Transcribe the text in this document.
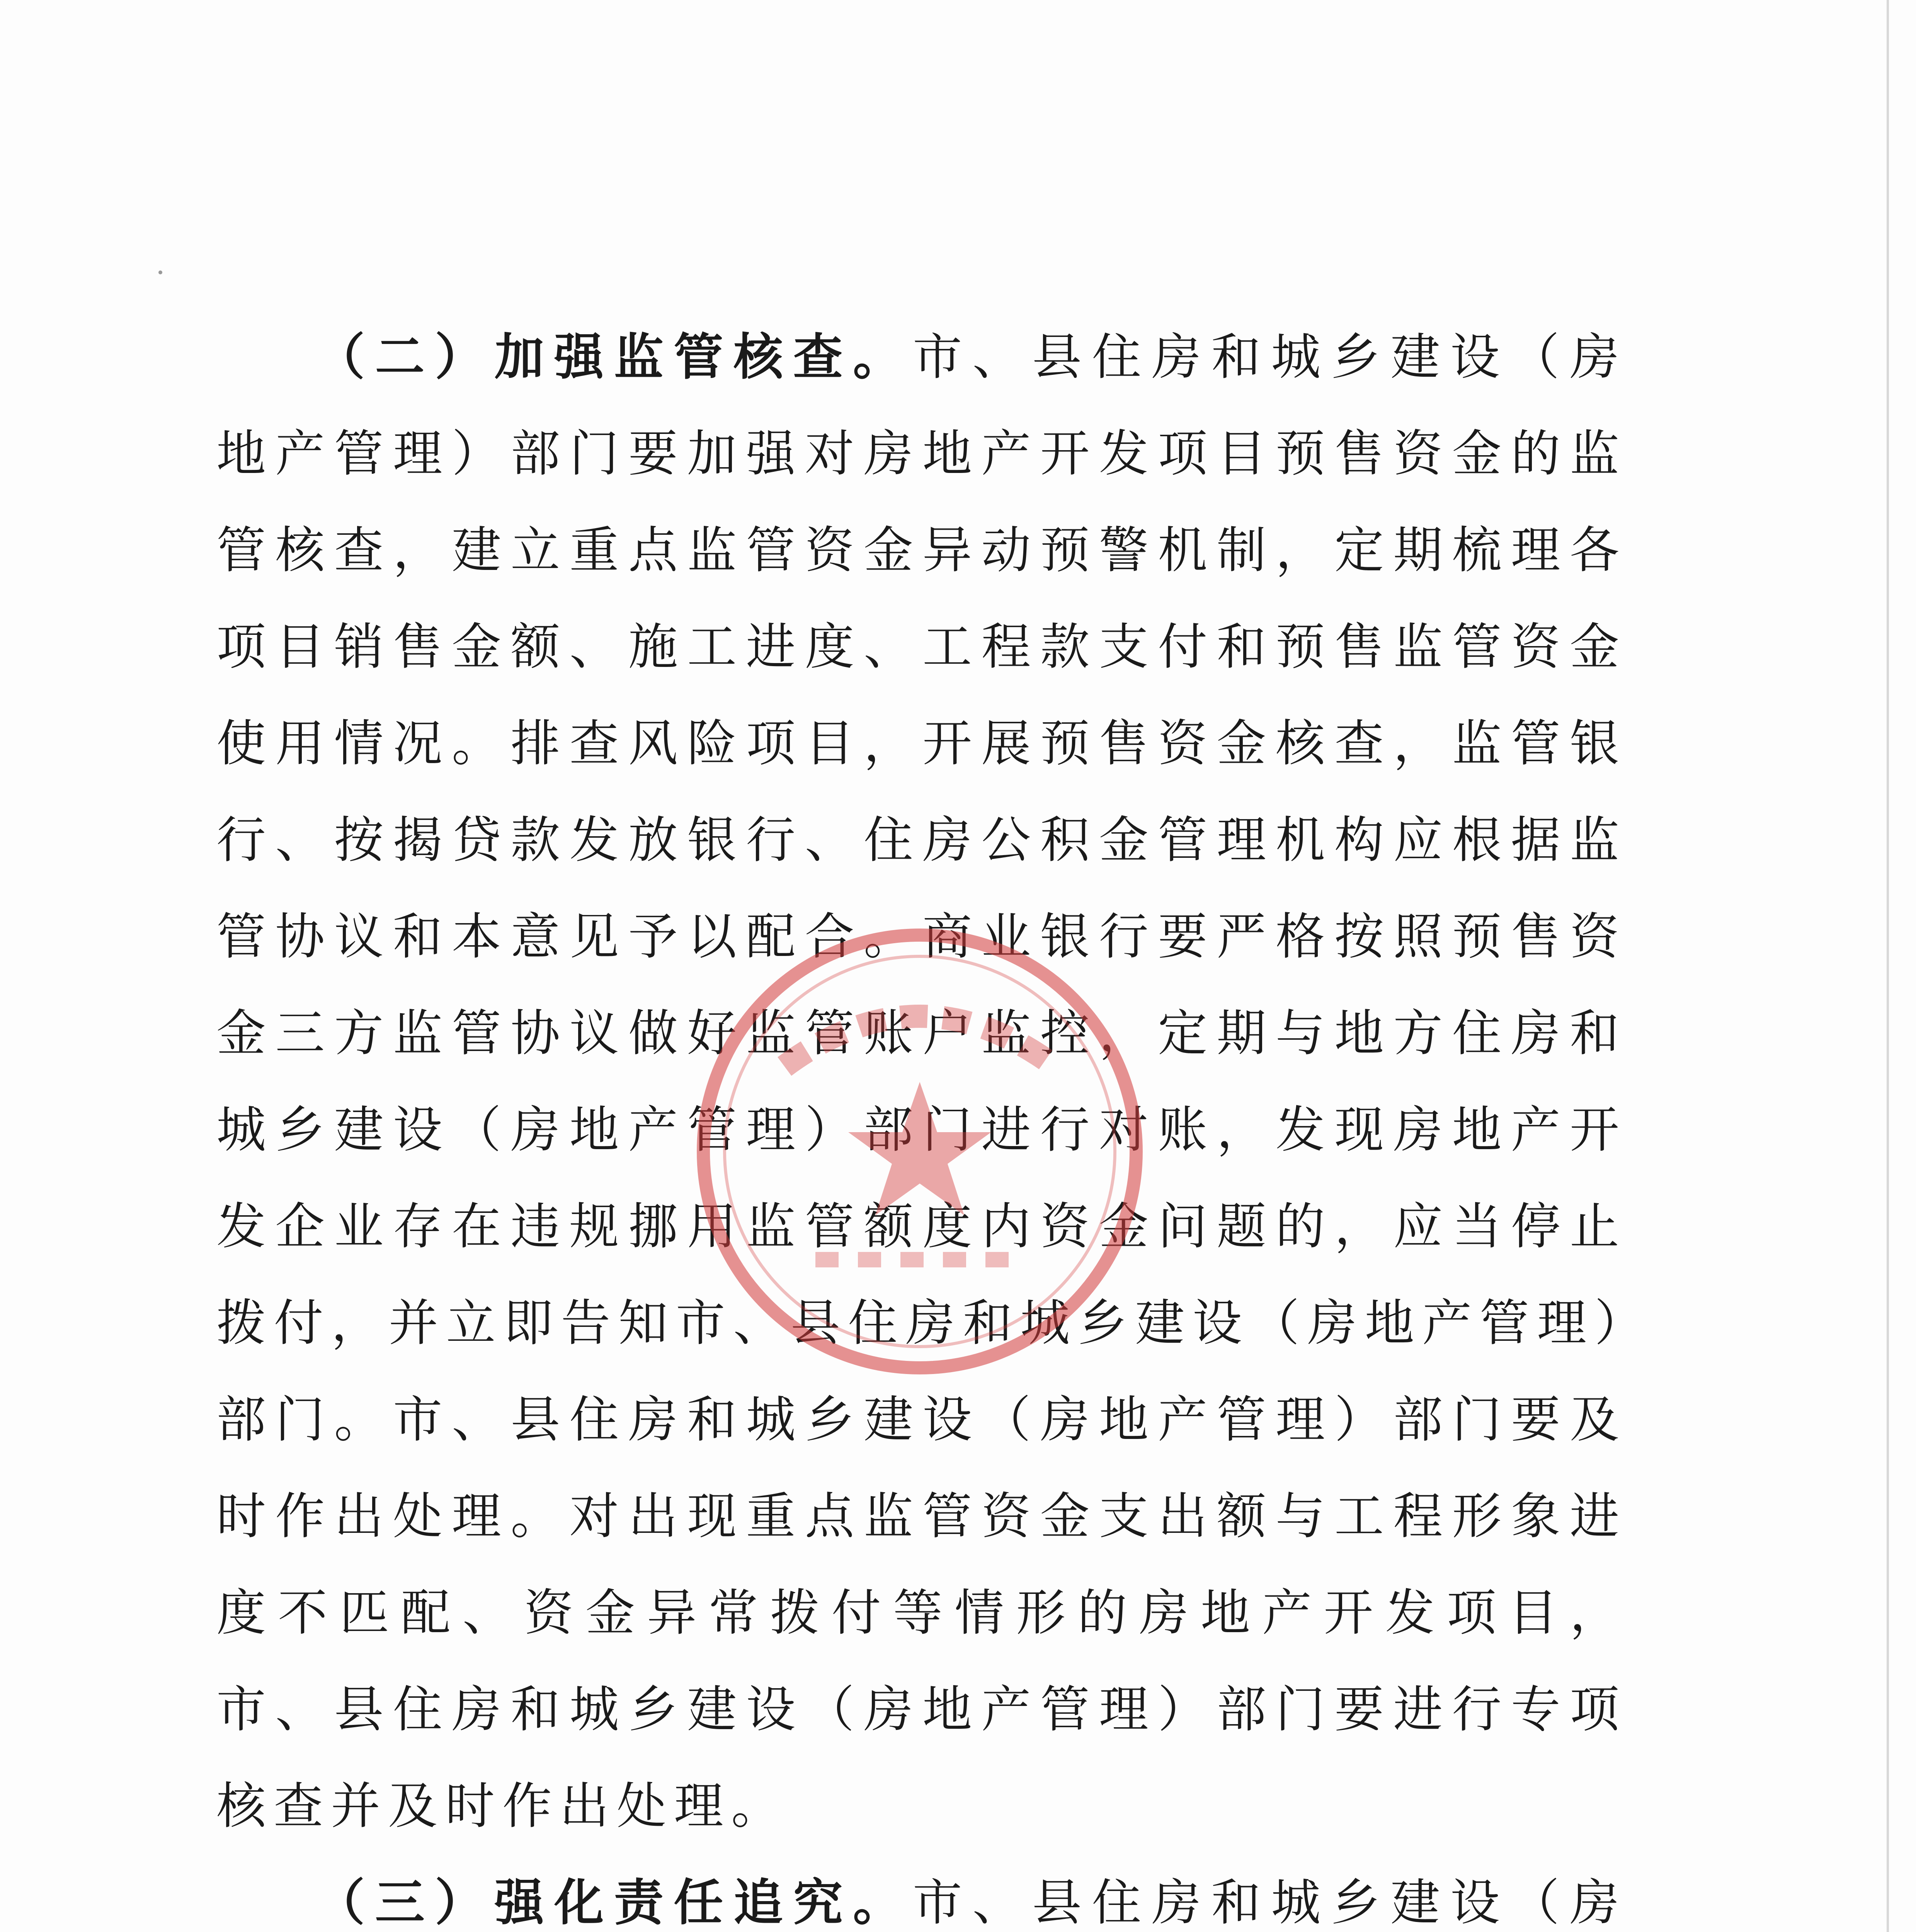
（二）加强监管核查。市、县住房和城乡建设（房地产管理）部门要加强对房地产开发项目预售资金的监管核查，建立重点监管资金异动预警机制，定期梳理各项目销售金额、施工进度、工程款支付和预售监管资金使用情况。排查风险项目，开展预售资金核查，监管银行、按揭贷款发放银行、住房公积金管理机构应根据监管协议和本意见予以配合。商业银行要严格按照预售资金三方监管协议做好监管账户监控，定期与地方住房和城乡建设（房地产管理）部门进行对账，发现房地产开发企业存在违规挪用监管额度内资金问题的，应当停止拨付，并立即告知市、县住房和城乡建设（房地产管理）部门。市、县住房和城乡建设（房地产管理）部门要及时作出处理。对出现重点监管资金支出额与工程形象进度不匹配、资金异常拨付等情形的房地产开发项目，市、县住房和城乡建设（房地产管理）部门要进行专项核查并及时作出处理。

（三）强化责任追究。市、县住房和城乡建设（房
